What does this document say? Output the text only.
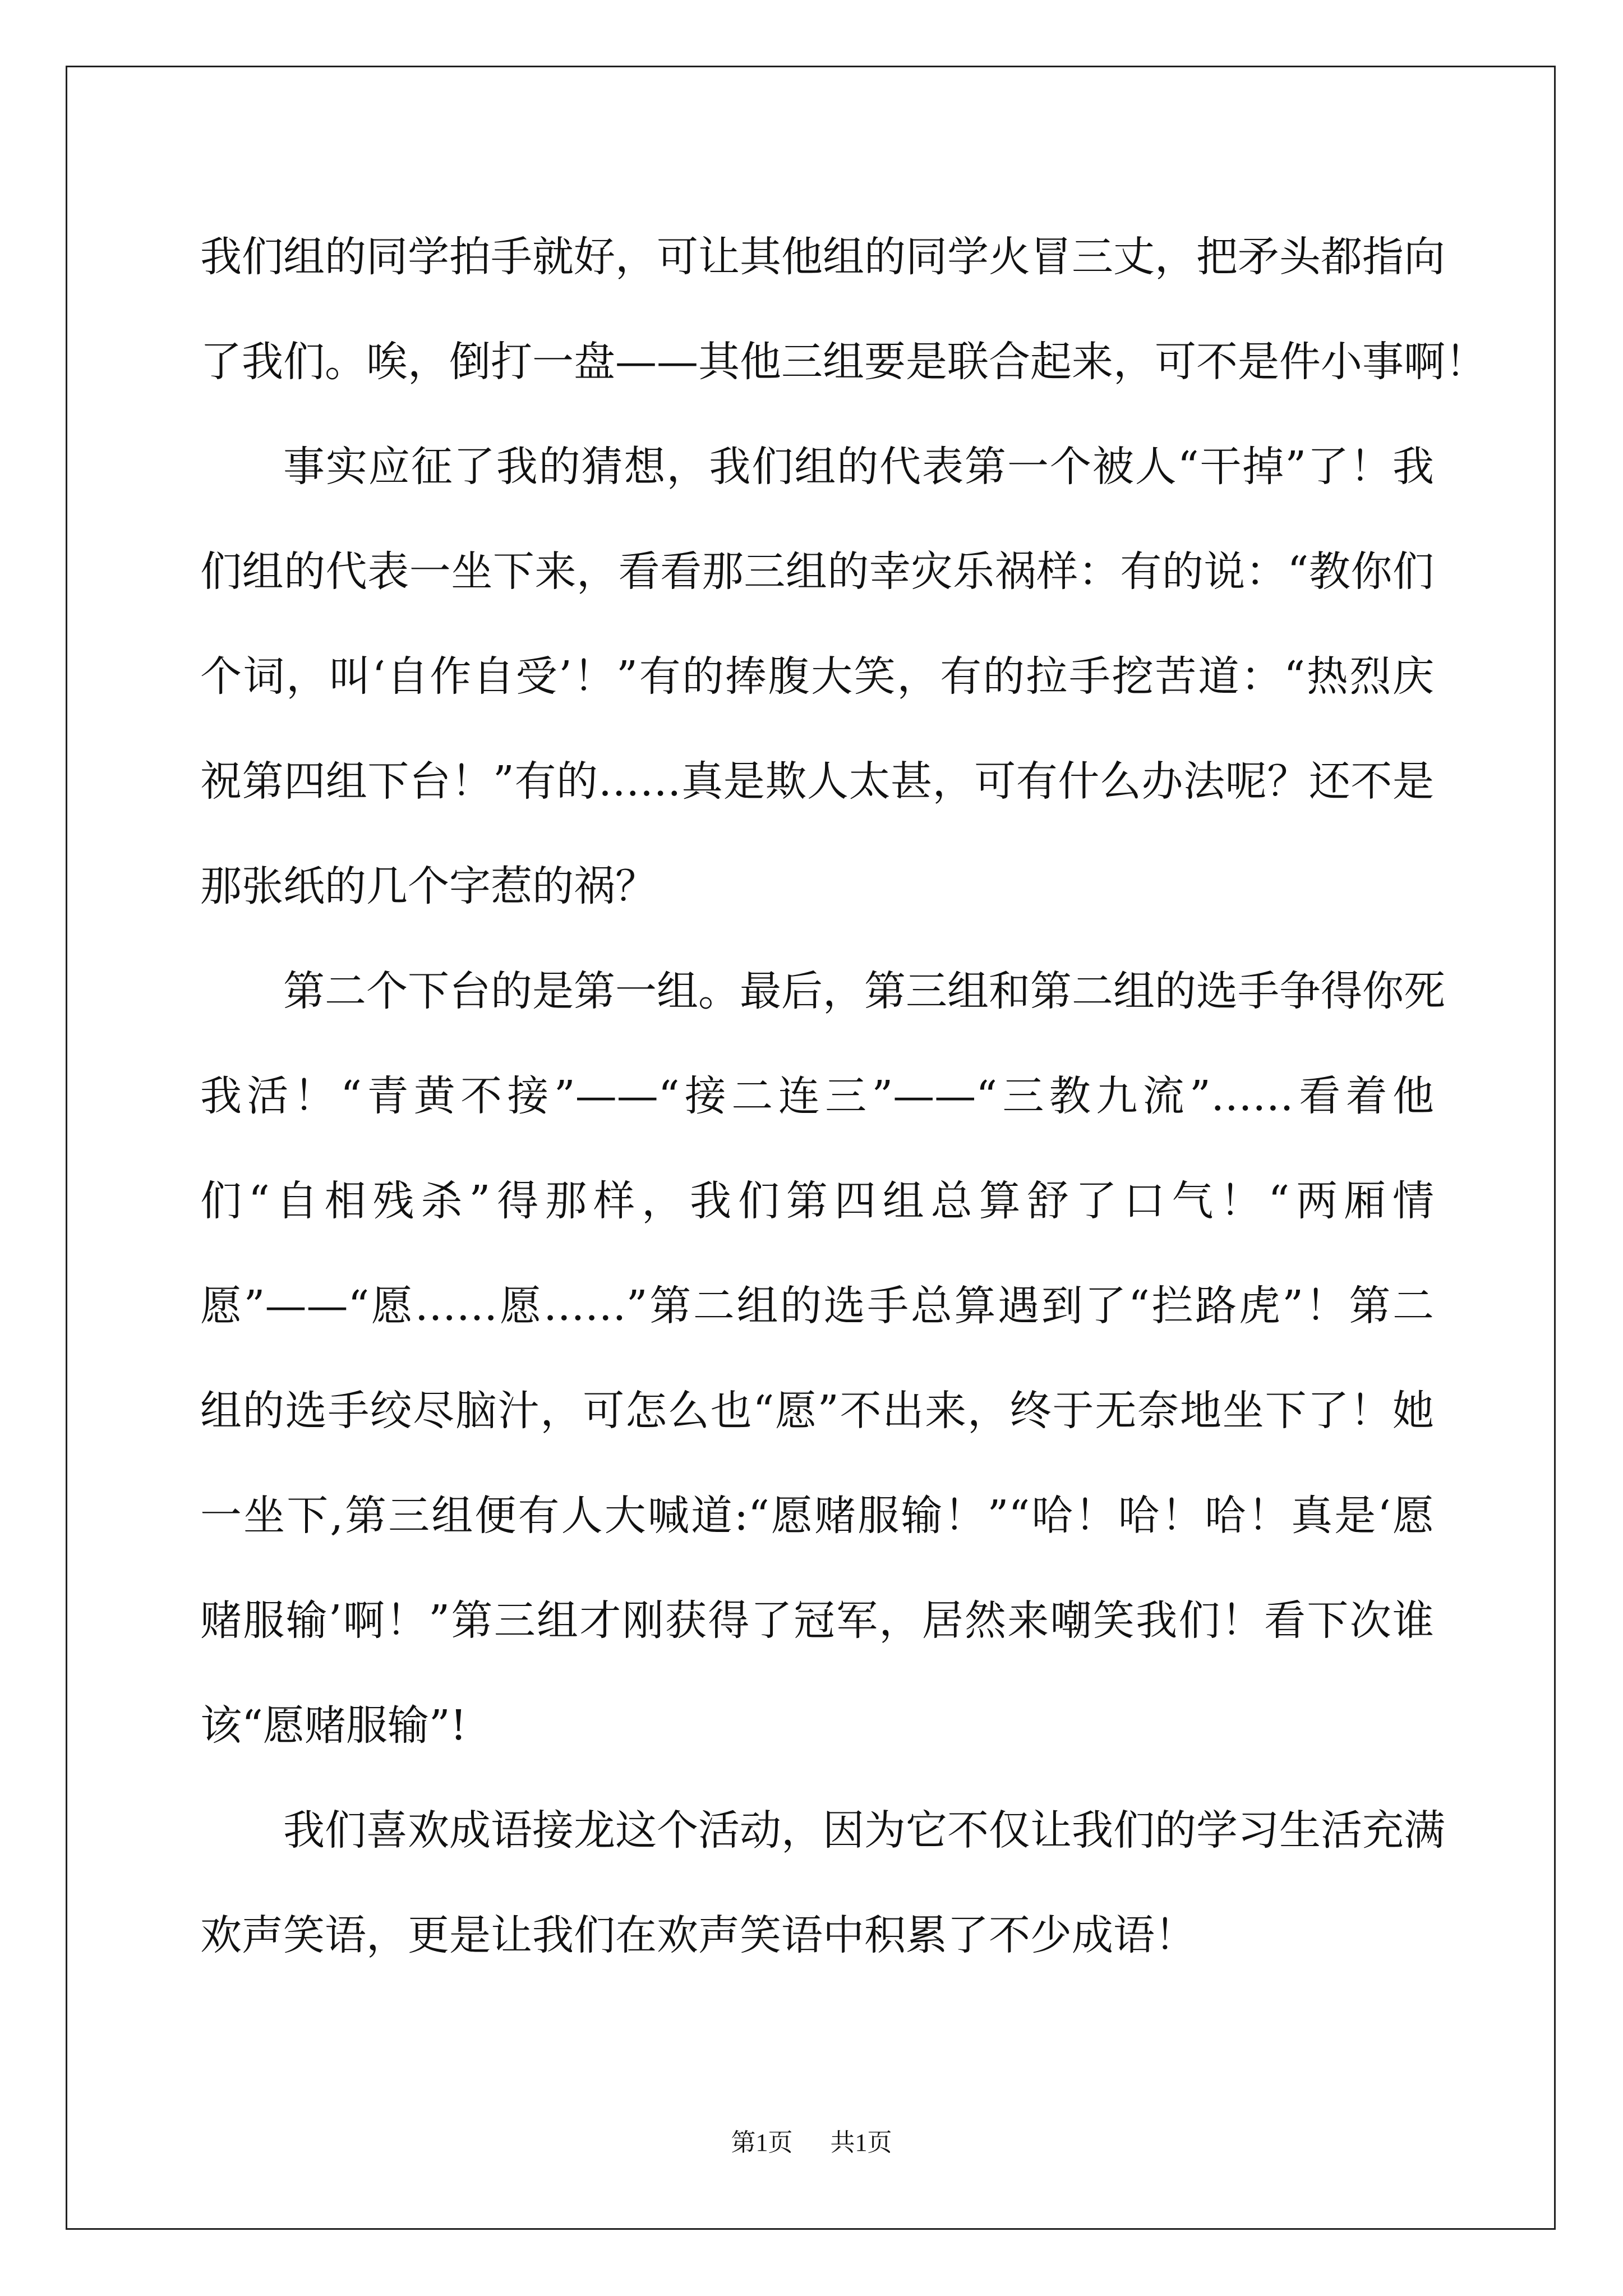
我们组的同学拍手就好，可让其他组的同学火冒三丈，把矛头都指向
了我们。唉，倒打一盘——其他三组要是联合起来，可不是件小事啊！
事实应征了我的猜想，我们组的代表第一个被人“干掉”了！我
们组的代表一坐下来，看看那三组的幸灾乐祸样：有的说：“教你们
个词，叫‘自作自受’！”有的捧腹大笑，有的拉手挖苦道：“热烈庆
祝第四组下台！”有的……真是欺人太甚，可有什么办法呢？还不是
那张纸的几个字惹的祸？
第二个下台的是第一组。最后，第三组和第二组的选手争得你死
我活！“青黄不接”——“接二连三”——“三教九流”……看着他
们“自相残杀”得那样，我们第四组总算舒了口气！“两厢情
愿”——“愿……愿……”第二组的选手总算遇到了“拦路虎”！第二
组的选手绞尽脑汁，可怎么也“愿”不出来，终于无奈地坐下了！她
一坐下,第三组便有人大喊道:“愿赌服输！”“哈！哈！哈！真是‘愿
赌服输’啊！”第三组才刚获得了冠军，居然来嘲笑我们！看下次谁
该“愿赌服输”!
我们喜欢成语接龙这个活动，因为它不仅让我们的学习生活充满
欢声笑语，更是让我们在欢声笑语中积累了不少成语！
第1页 共1页
